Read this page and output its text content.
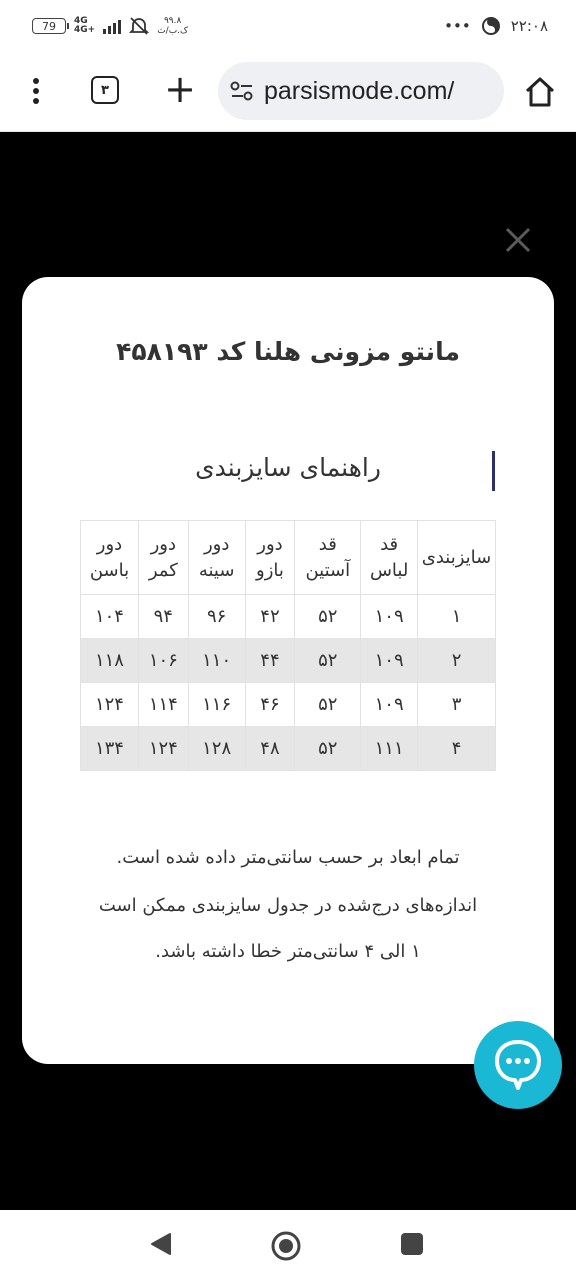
79 4G
4G+
۹۹.۸
ک.ب/ث	•••	۲۲:۰۸
۳ +	parsismode.com/
مانتو مزونی هلنا کد ۴۵۸۱۹۳
راهنمای سایزبندی
سایزبندی	قد لباس	قد آستین	دور بازو	دور سینه	دور کمر	دور باسن
۱	۱۰۹	۵۲	۴۲	۹۶	۹۴	۱۰۴
۲	۱۰۹	۵۲	۴۴	۱۱۰	۱۰۶	۱۱۸
۳	۱۰۹	۵۲	۴۶	۱۱۶	۱۱۴	۱۲۴
۴	۱۱۱	۵۲	۴۸	۱۲۸	۱۲۴	۱۳۴
تمام ابعاد بر حسب سانتی‌متر داده شده است.
اندازه‌های درج‌شده در جدول سایزبندی ممکن است
۱ الی ۴ سانتی‌متر خطا داشته باشد.
